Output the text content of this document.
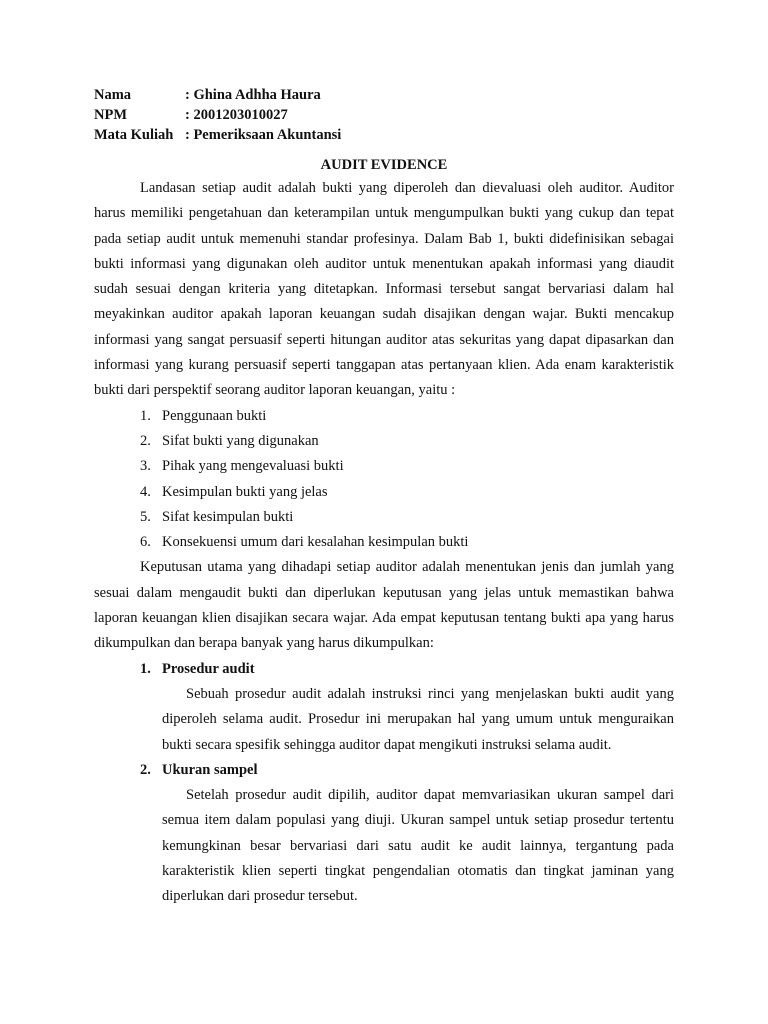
Nama	: Ghina Adhha Haura
NPM	: 2001203010027
Mata Kuliah : Pemeriksaan Akuntansi
AUDIT EVIDENCE

Landasan setiap audit adalah bukti yang diperoleh dan dievaluasi oleh auditor. Auditor harus memiliki pengetahuan dan keterampilan untuk mengumpulkan bukti yang cukup dan tepat pada setiap audit untuk memenuhi standar profesinya. Dalam Bab 1, bukti didefinisikan sebagai bukti informasi yang digunakan oleh auditor untuk menentukan apakah informasi yang diaudit sudah sesuai dengan kriteria yang ditetapkan. Informasi tersebut sangat bervariasi dalam hal meyakinkan auditor apakah laporan keuangan sudah disajikan dengan wajar. Bukti mencakup informasi yang sangat persuasif seperti hitungan auditor atas sekuritas yang dapat dipasarkan dan informasi yang kurang persuasif seperti tanggapan atas pertanyaan klien. Ada enam karakteristik bukti dari perspektif seorang auditor laporan keuangan, yaitu :

1. Penggunaan bukti
2. Sifat bukti yang digunakan
3. Pihak yang mengevaluasi bukti
4. Kesimpulan bukti yang jelas
5. Sifat kesimpulan bukti
6. Konsekuensi umum dari kesalahan kesimpulan bukti

Keputusan utama yang dihadapi setiap auditor adalah menentukan jenis dan jumlah yang sesuai dalam mengaudit bukti dan diperlukan keputusan yang jelas untuk memastikan bahwa laporan keuangan klien disajikan secara wajar. Ada empat keputusan tentang bukti apa yang harus dikumpulkan dan berapa banyak yang harus dikumpulkan:

1. Prosedur audit

Sebuah prosedur audit adalah instruksi rinci yang menjelaskan bukti audit yang diperoleh selama audit. Prosedur ini merupakan hal yang umum untuk menguraikan bukti secara spesifik sehingga auditor dapat mengikuti instruksi selama audit.

2. Ukuran sampel

Setelah prosedur audit dipilih, auditor dapat memvariasikan ukuran sampel dari semua item dalam populasi yang diuji. Ukuran sampel untuk setiap prosedur tertentu kemungkinan besar bervariasi dari satu audit ke audit lainnya, tergantung pada karakteristik klien seperti tingkat pengendalian otomatis dan tingkat jaminan yang diperlukan dari prosedur tersebut.
